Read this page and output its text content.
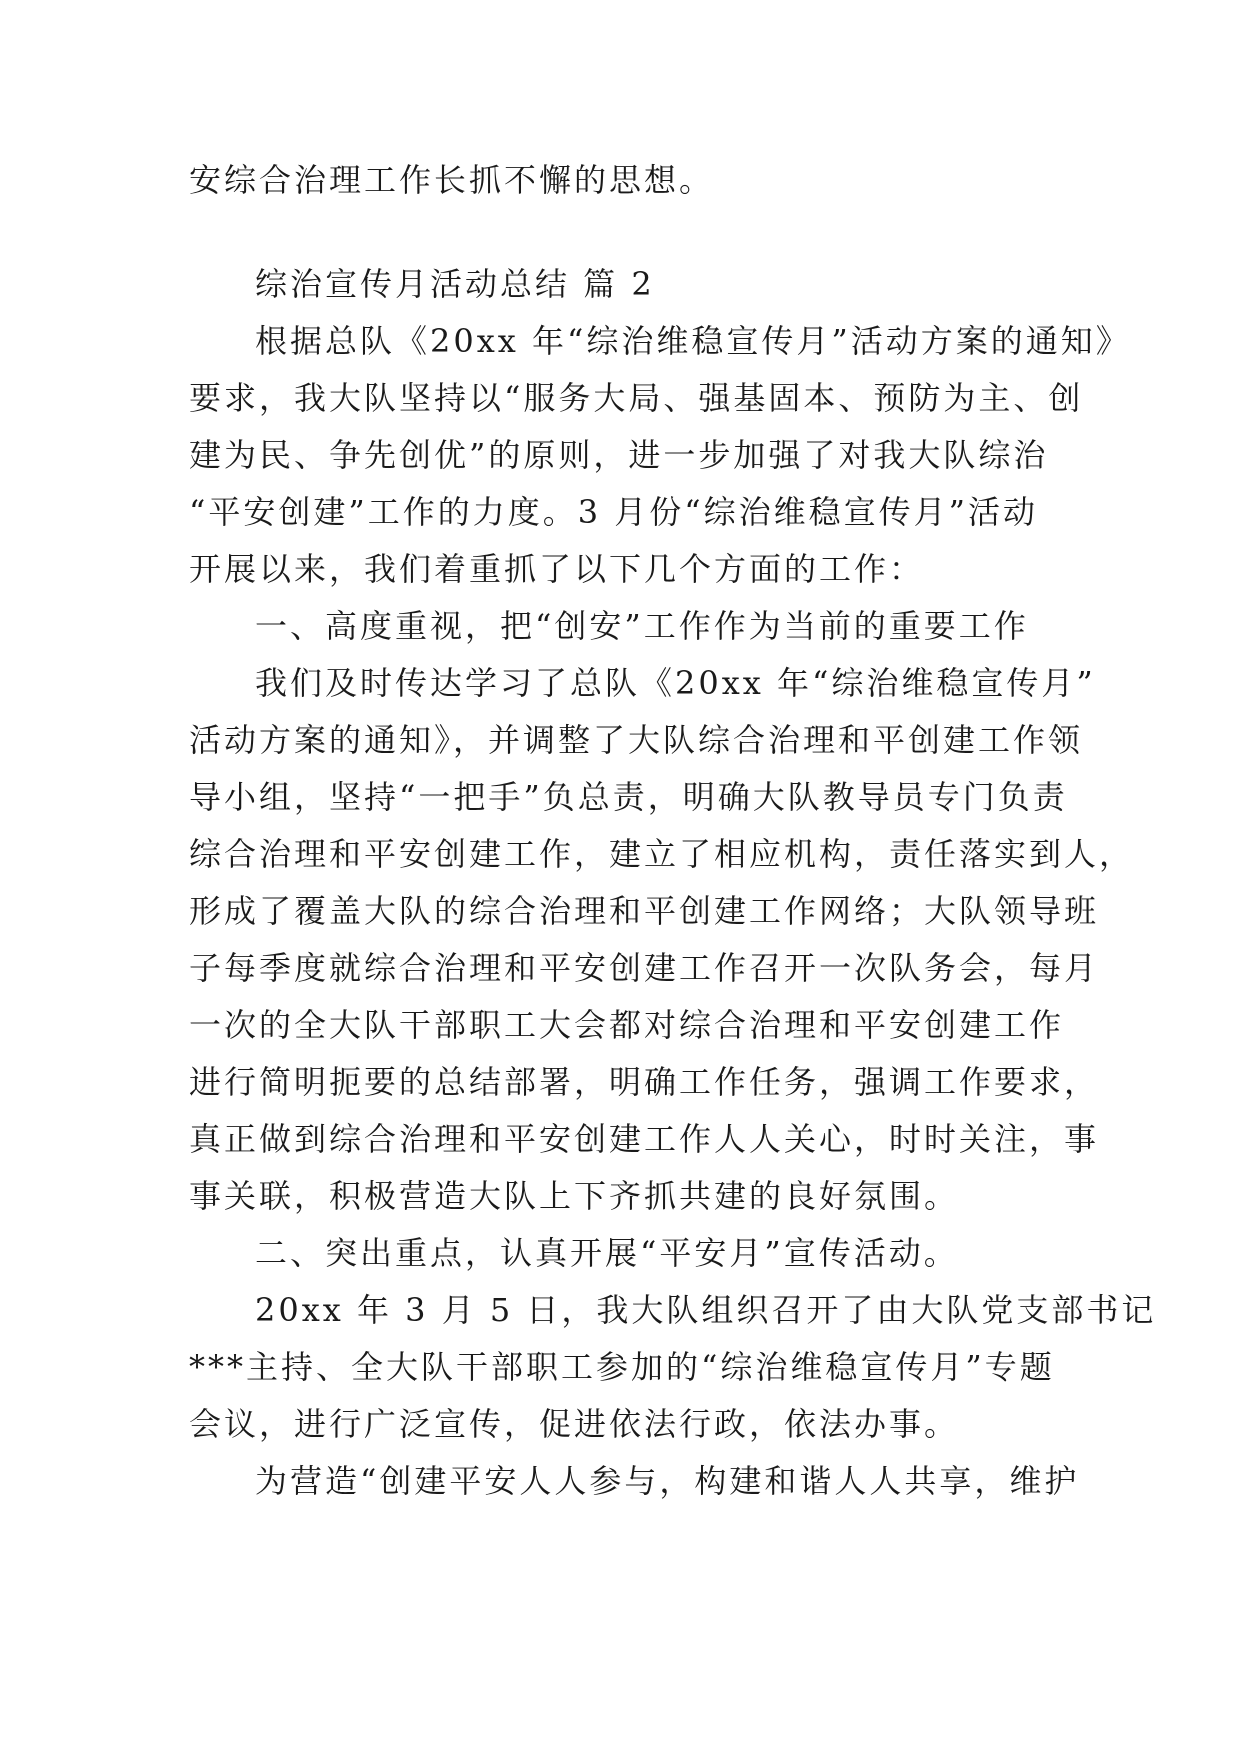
安综合治理工作长抓不懈的思想。
综治宣传月活动总结 篇 2
根据总队《20xx 年“综治维稳宣传月”活动方案的通知》
要求，我大队坚持以“服务大局、强基固本、预防为主、创
建为民、争先创优”的原则，进一步加强了对我大队综治
“平安创建”工作的力度。3 月份“综治维稳宣传月”活动
开展以来，我们着重抓了以下几个方面的工作：
一、高度重视，把“创安”工作作为当前的重要工作
我们及时传达学习了总队《20xx 年“综治维稳宣传月”
活动方案的通知》，并调整了大队综合治理和平创建工作领
导小组，坚持“一把手”负总责，明确大队教导员专门负责
综合治理和平安创建工作，建立了相应机构，责任落实到人，
形成了覆盖大队的综合治理和平创建工作网络；大队领导班
子每季度就综合治理和平安创建工作召开一次队务会，每月
一次的全大队干部职工大会都对综合治理和平安创建工作
进行简明扼要的总结部署，明确工作任务，强调工作要求，
真正做到综合治理和平安创建工作人人关心，时时关注，事
事关联，积极营造大队上下齐抓共建的良好氛围。
二、突出重点，认真开展“平安月”宣传活动。
20xx 年 3 月 5 日，我大队组织召开了由大队党支部书记
***主持、全大队干部职工参加的“综治维稳宣传月”专题
会议，进行广泛宣传，促进依法行政，依法办事。
为营造“创建平安人人参与，构建和谐人人共享，维护
